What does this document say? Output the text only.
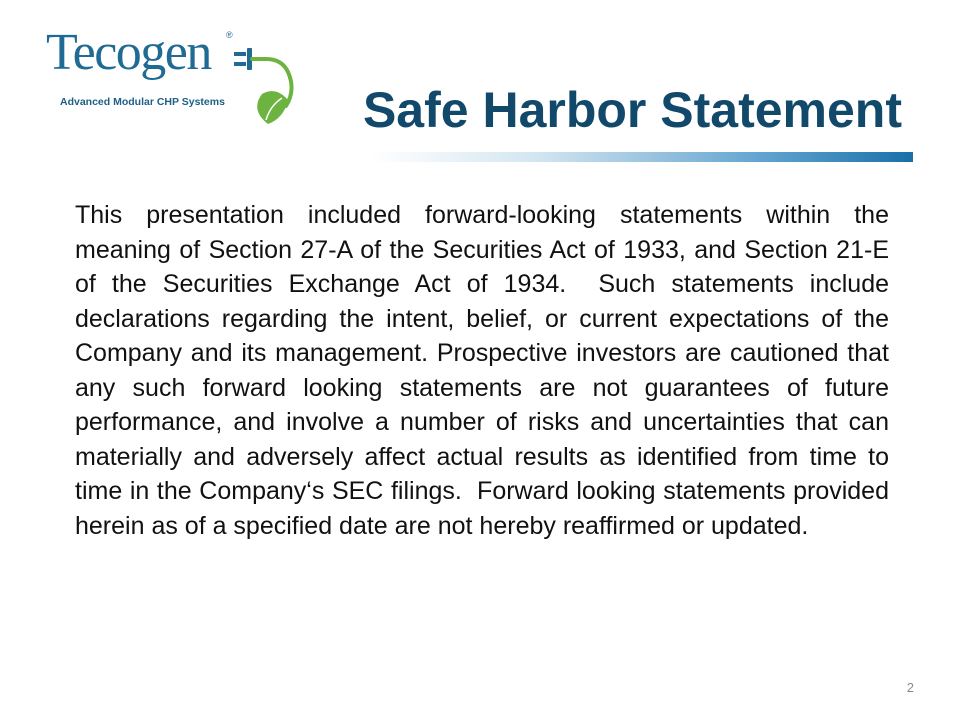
Tecogen ®
Advanced Modular CHP Systems	Safe Harbor Statement

This presentation included forward-looking statements within the meaning of Section 27-A of the Securities Act of 1933, and Section 21-E of the Securities Exchange Act of 1934.  Such statements include declarations regarding the intent, belief, or current expectations of the Company and its management. Prospective investors are cautioned that any such forward looking statements are not guarantees of future performance, and involve a number of risks and uncertainties that can materially and adversely affect actual results as identified from time to time in the Company‘s SEC filings.  Forward looking statements provided herein as of a specified date are not hereby reaffirmed or updated.

2
